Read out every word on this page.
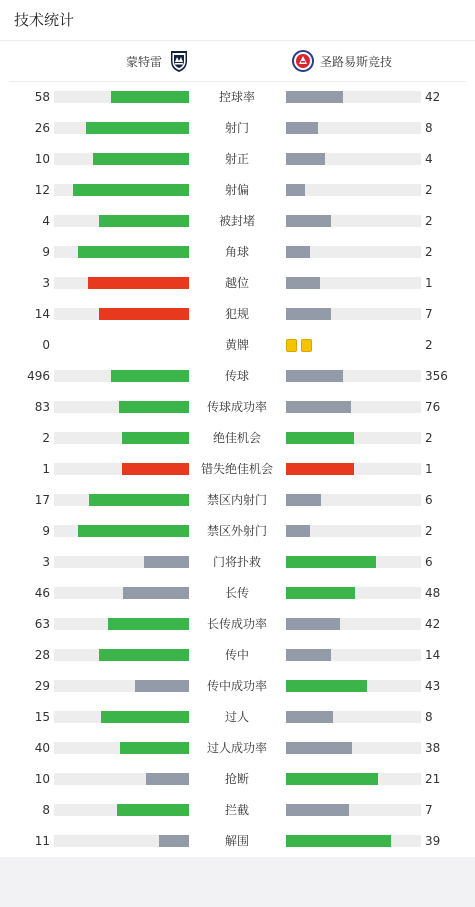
技术统计
蒙特雷	圣路易斯竞技
58	控球率	42
26	射门	8
10	射正	4
12	射偏	2
4	被封堵	2
9	角球	2
3	越位	1
14	犯规	7
0	黄牌	2
496	传球	356
83	传球成功率	76
2	绝佳机会	2
1	错失绝佳机会	1
17	禁区内射门	6
9	禁区外射门	2
3	门将扑救	6
46	长传	48
63	长传成功率	42
28	传中	14
29	传中成功率	43
15	过人	8
40	过人成功率	38
10	抢断	21
8	拦截	7
11	解围	39
